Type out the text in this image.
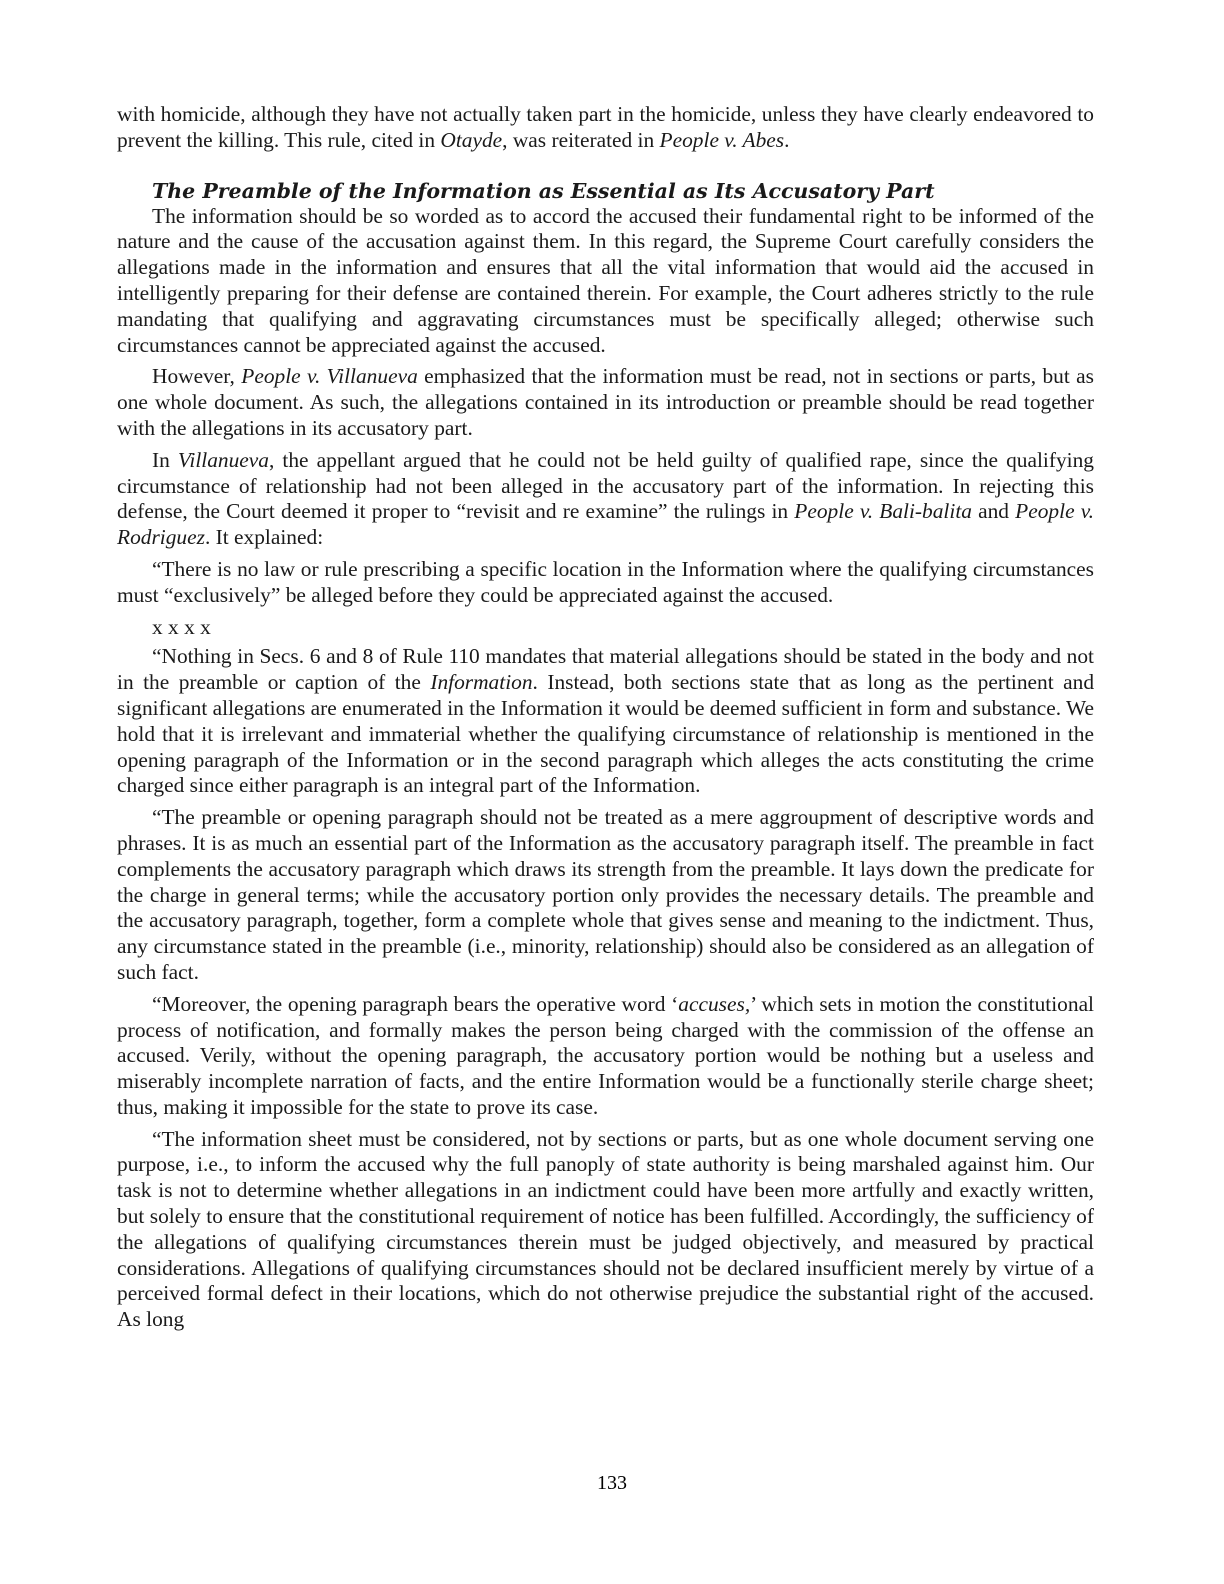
with homicide, although they have not actually taken part in the homicide, unless they have clearly endeavored to prevent the killing. This rule, cited in Otayde, was reiterated in People v. Abes.

The Preamble of the Information as Essential as Its Accusatory Part

The information should be so worded as to accord the accused their fundamental right to be informed of the nature and the cause of the accusation against them. In this regard, the Supreme Court carefully considers the allegations made in the information and ensures that all the vital information that would aid the accused in intelligently preparing for their defense are contained therein. For example, the Court adheres strictly to the rule mandating that qualifying and aggravating circumstances must be specifically alleged; otherwise such circumstances cannot be appreciated against the accused.

However, People v. Villanueva emphasized that the information must be read, not in sections or parts, but as one whole document. As such, the allegations contained in its introduction or preamble should be read together with the allegations in its accusatory part.

In Villanueva, the appellant argued that he could not be held guilty of qualified rape, since the qualifying circumstance of relationship had not been alleged in the accusatory part of the information. In rejecting this defense, the Court deemed it proper to “revisit and re examine” the rulings in People v. Bali-balita and People v. Rodriguez. It explained:

“There is no law or rule prescribing a specific location in the Information where the qualifying circumstances must “exclusively” be alleged before they could be appreciated against the accused.

x x x x

“Nothing in Secs. 6 and 8 of Rule 110 mandates that material allegations should be stated in the body and not in the preamble or caption of the Information. Instead, both sections state that as long as the pertinent and significant allegations are enumerated in the Information it would be deemed sufficient in form and substance. We hold that it is irrelevant and immaterial whether the qualifying circumstance of relationship is mentioned in the opening paragraph of the Information or in the second paragraph which alleges the acts constituting the crime charged since either paragraph is an integral part of the Information.

“The preamble or opening paragraph should not be treated as a mere aggroupment of descriptive words and phrases. It is as much an essential part of the Information as the accusatory paragraph itself. The preamble in fact complements the accusatory paragraph which draws its strength from the preamble. It lays down the predicate for the charge in general terms; while the accusatory portion only provides the necessary details. The preamble and the accusatory paragraph, together, form a complete whole that gives sense and meaning to the indictment. Thus, any circumstance stated in the preamble (i.e., minority, relationship) should also be considered as an allegation of such fact.

“Moreover, the opening paragraph bears the operative word ‘accuses,’ which sets in motion the constitutional process of notification, and formally makes the person being charged with the commission of the offense an accused. Verily, without the opening paragraph, the accusatory portion would be nothing but a useless and miserably incomplete narration of facts, and the entire Information would be a functionally sterile charge sheet; thus, making it impossible for the state to prove its case.

“The information sheet must be considered, not by sections or parts, but as one whole document serving one purpose, i.e., to inform the accused why the full panoply of state authority is being marshaled against him. Our task is not to determine whether allegations in an indictment could have been more artfully and exactly written, but solely to ensure that the constitutional requirement of notice has been fulfilled. Accordingly, the sufficiency of the allegations of qualifying circumstances therein must be judged objectively, and measured by practical considerations. Allegations of qualifying circumstances should not be declared insufficient merely by virtue of a perceived formal defect in their locations, which do not otherwise prejudice the substantial right of the accused. As long

133
